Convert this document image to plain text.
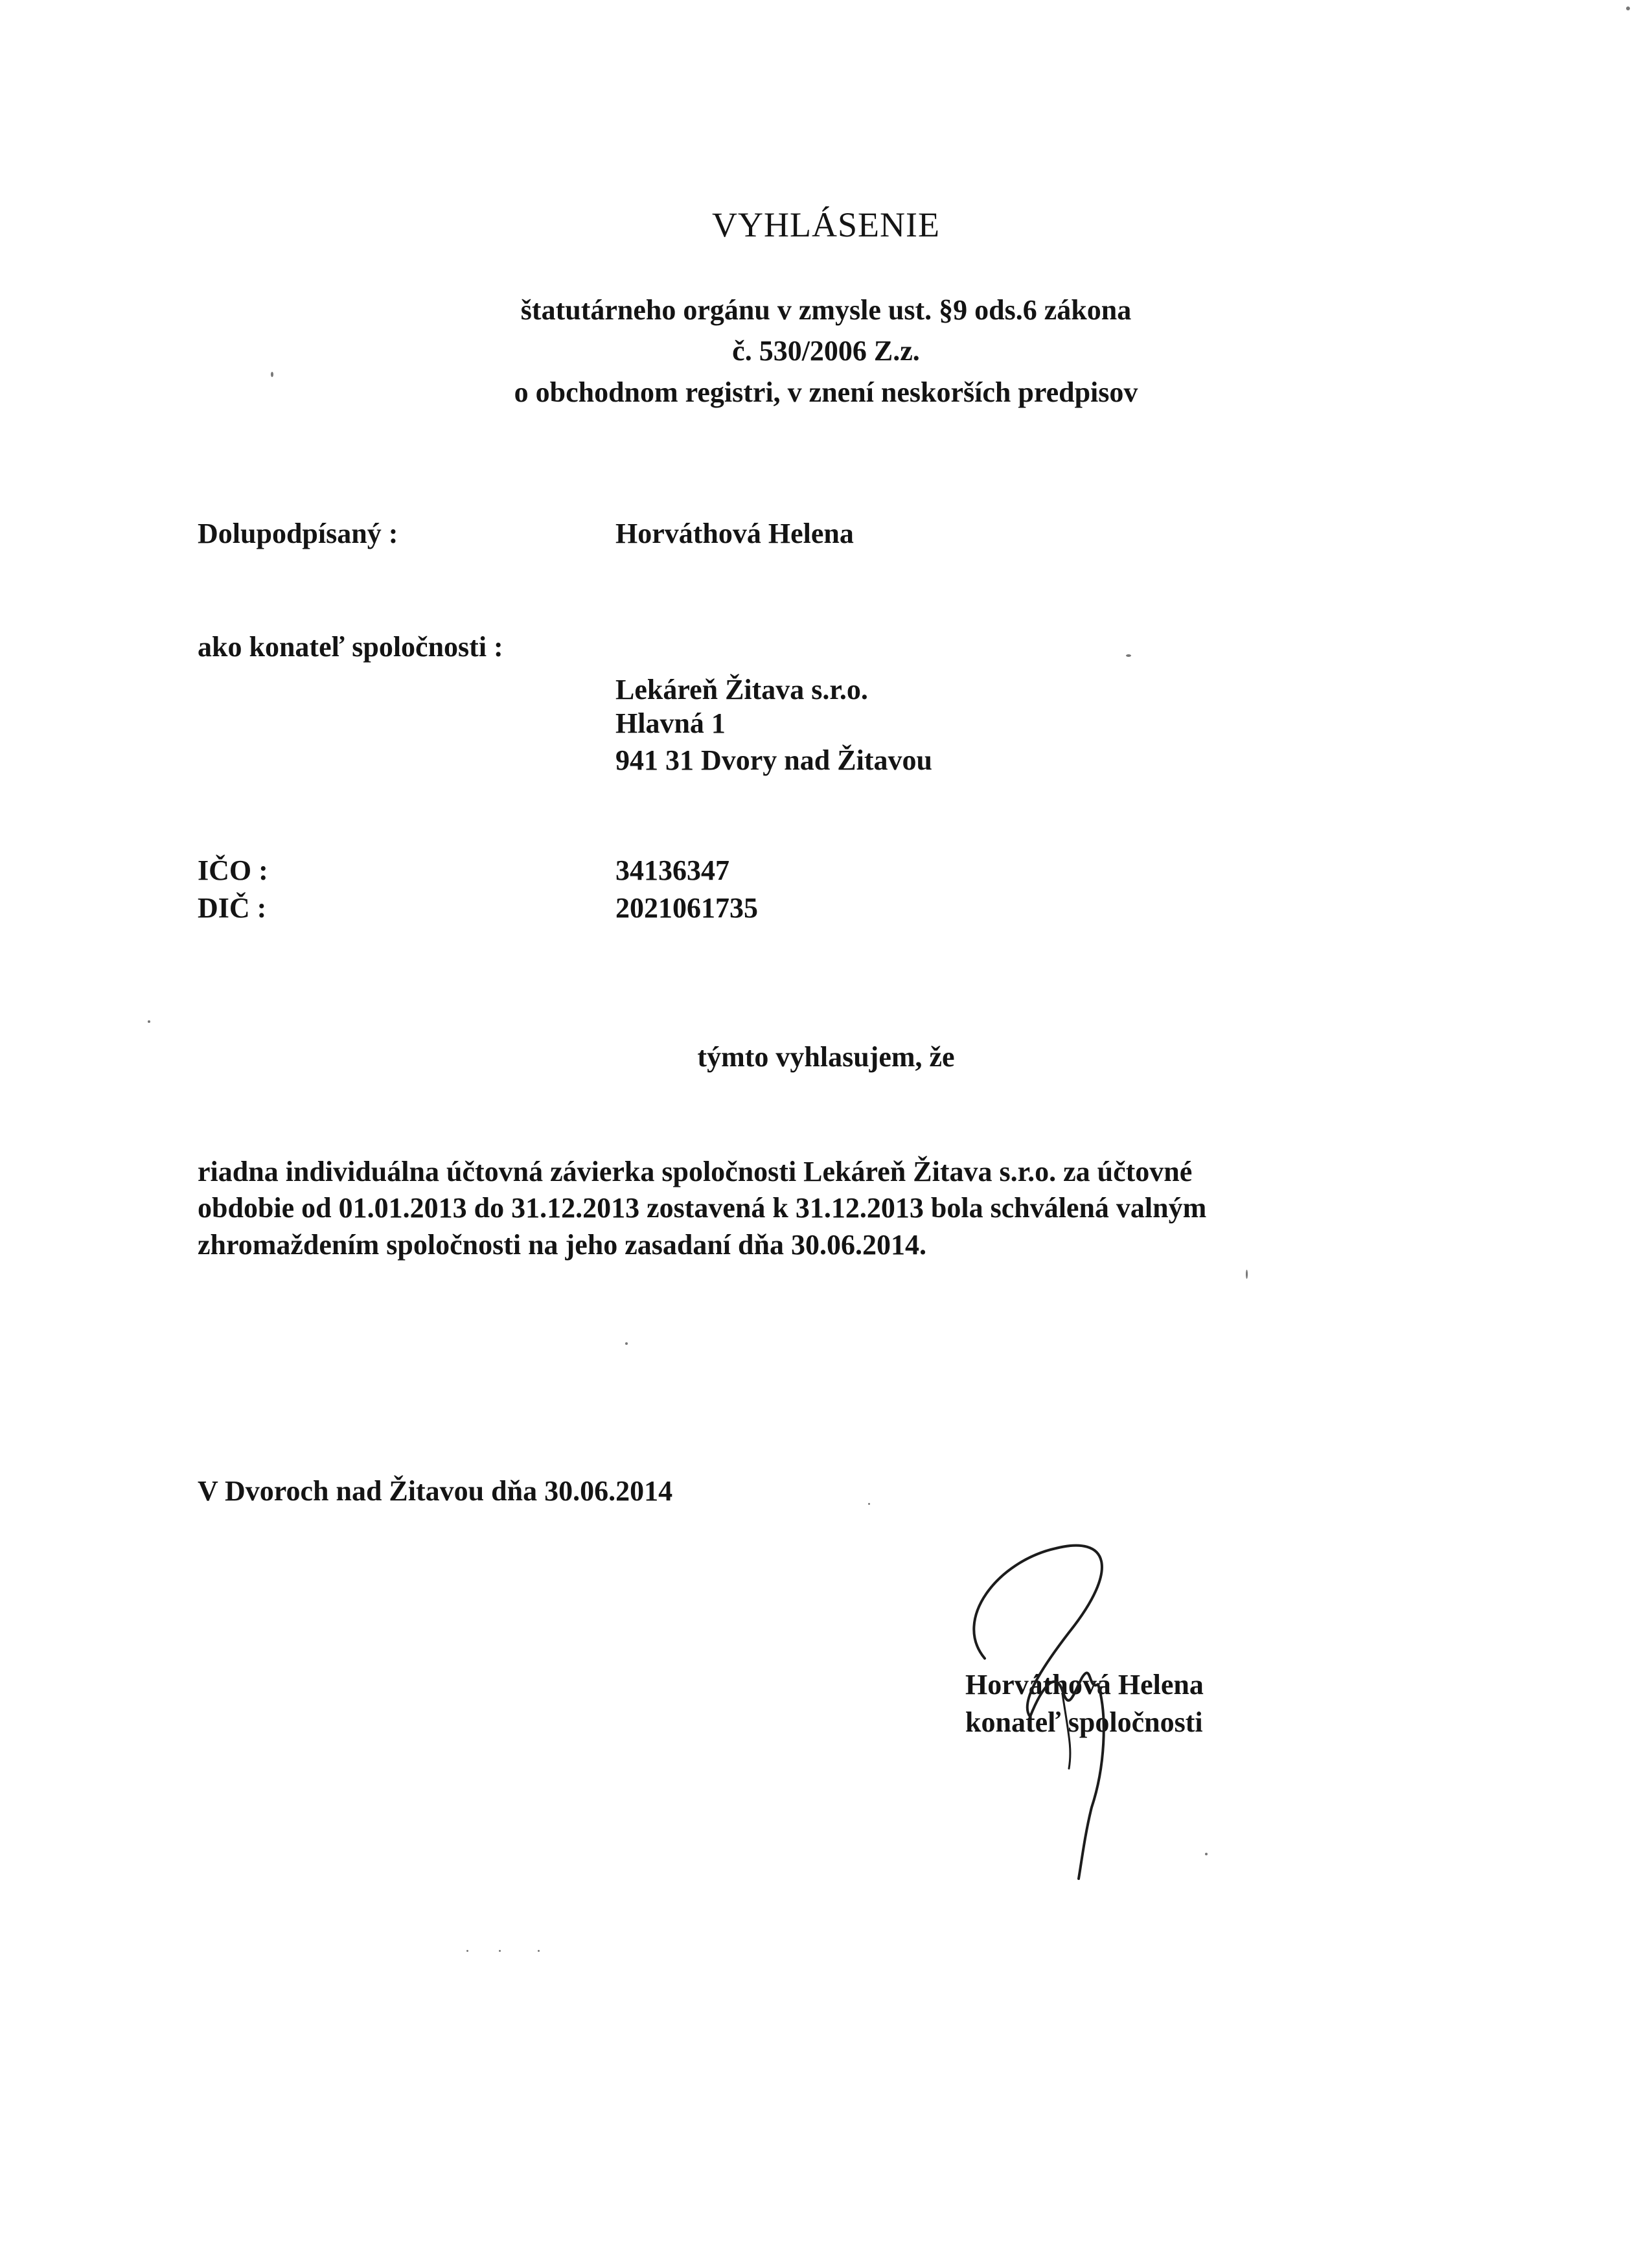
VYHLÁSENIE
štatutárneho orgánu v zmysle ust. §9 ods.6 zákona
č. 530/2006 Z.z.
o obchodnom registri, v znení neskorších predpisov
Dolupodpísaný :	Horváthová Helena
ako konateľ spoločnosti :
Lekáreň Žitava s.r.o.
Hlavná 1
941 31 Dvory nad Žitavou
IČO :	34136347
DIČ :	2021061735
týmto vyhlasujem, že
riadna individuálna účtovná závierka spoločnosti Lekáreň Žitava s.r.o. za účtovné
obdobie od 01.01.2013 do 31.12.2013 zostavená k 31.12.2013 bola schválená valným
zhromaždením spoločnosti na jeho zasadaní dňa 30.06.2014.
V Dvoroch nad Žitavou dňa 30.06.2014
Horváthová Helena
konateľ spoločnosti
